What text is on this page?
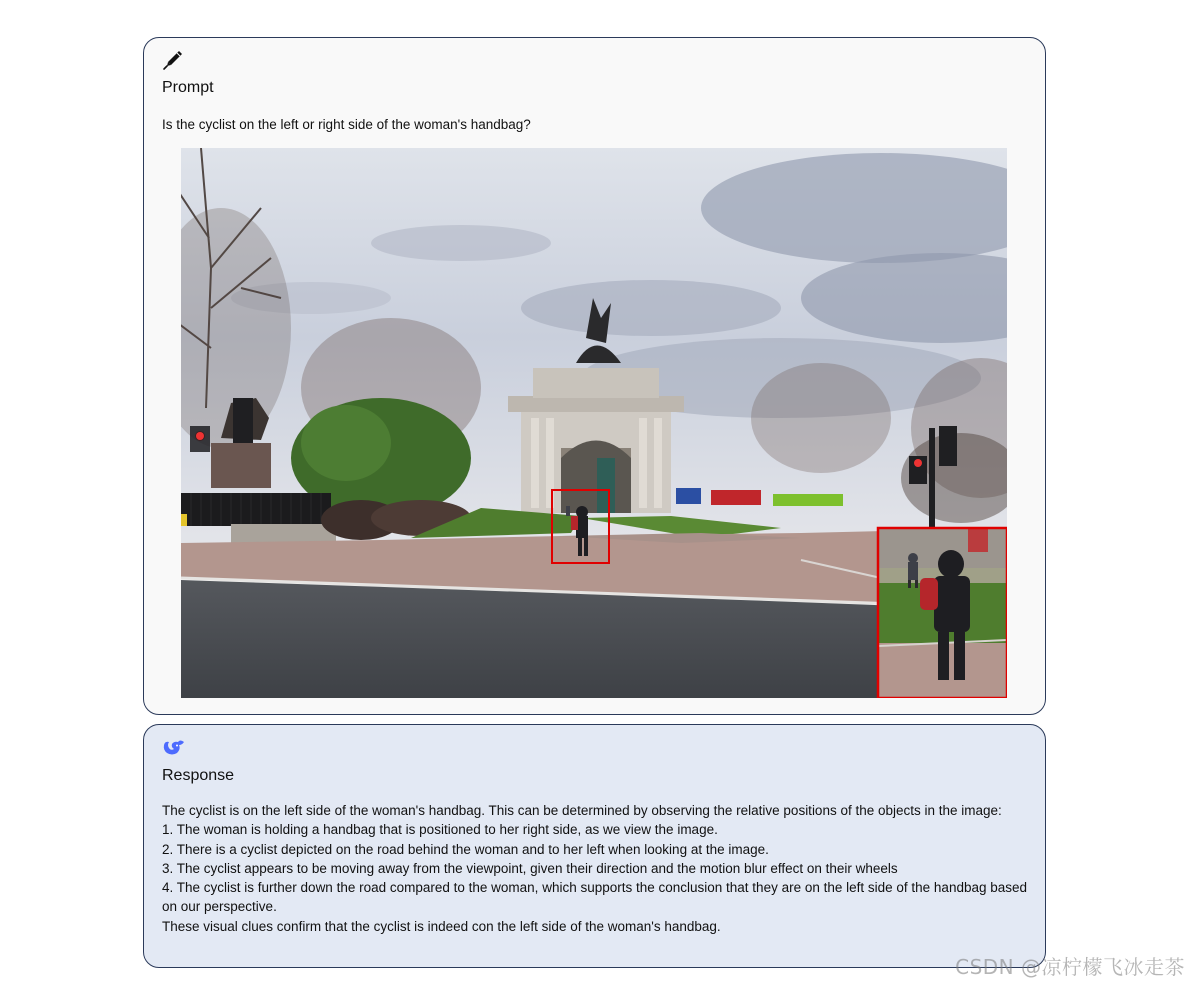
Prompt
Is the cyclist on the left or right side of the woman's handbag?
Response

The cyclist is on the left side of the woman's handbag. This can be determined by observing the relative positions of the objects in the image:

1. The woman is holding a handbag that is positioned to her right side, as we view the image.

2. There is a cyclist depicted on the road behind the woman and to her left when looking at the image.

3. The cyclist appears to be moving away from the viewpoint, given their direction and the motion blur effect on their wheels

4. The cyclist is further down the road compared to the woman, which supports the conclusion that they are on the left side of the handbag based on our perspective.

These visual clues confirm that the cyclist is indeed con the left side of the woman's handbag.

CSDN @凉柠檬飞冰走茶
